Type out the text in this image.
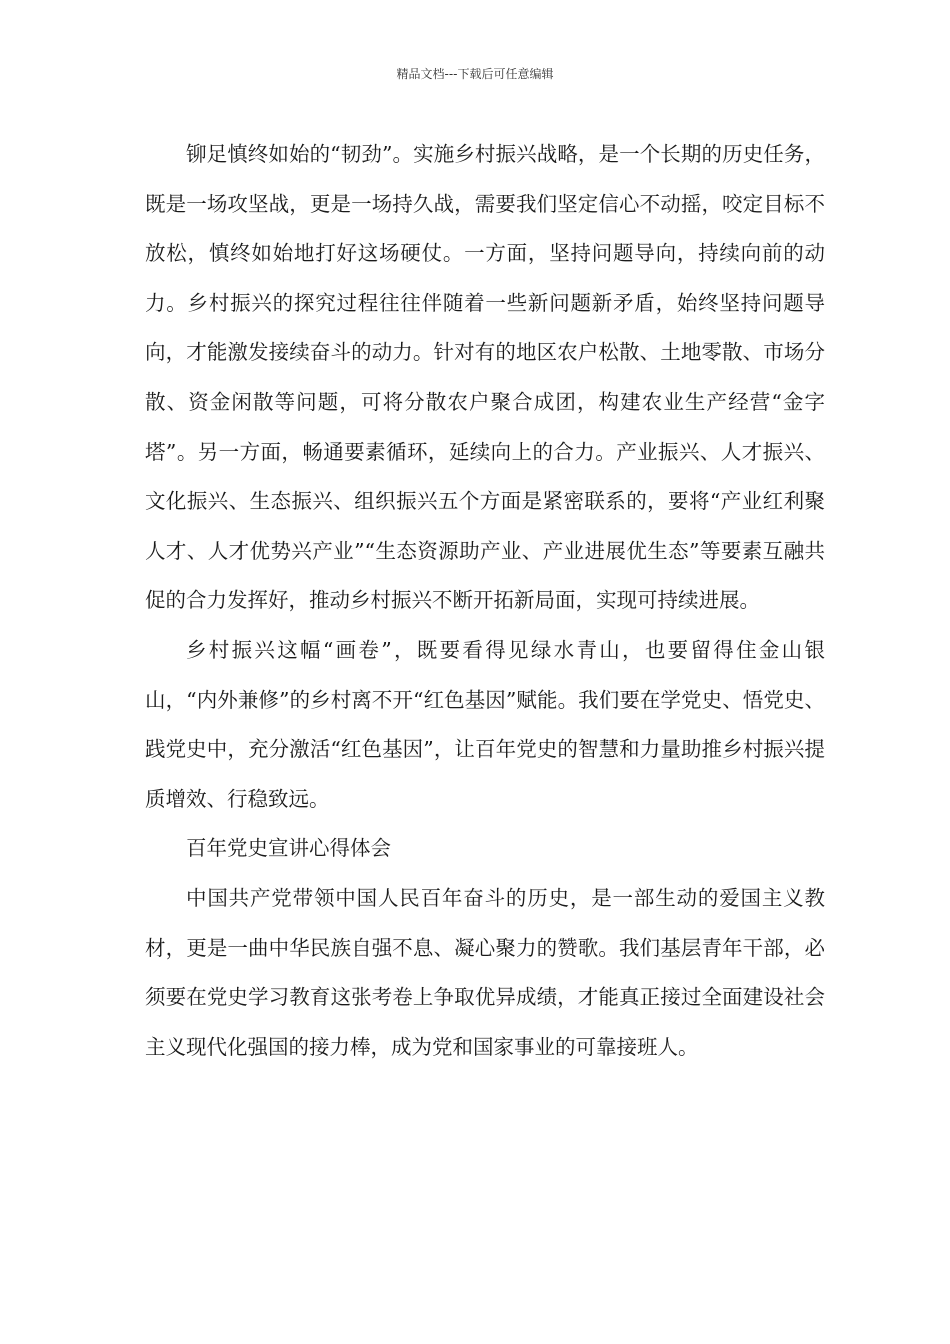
精品文档---下载后可任意编辑

铆足慎终如始的“韧劲”。实施乡村振兴战略，是一个长期的历史任务，既是一场攻坚战，更是一场持久战，需要我们坚定信心不动摇，咬定目标不放松，慎终如始地打好这场硬仗。一方面，坚持问题导向，持续向前的动力。乡村振兴的探究过程往往伴随着一些新问题新矛盾，始终坚持问题导向，才能激发接续奋斗的动力。针对有的地区农户松散、土地零散、市场分散、资金闲散等问题，可将分散农户聚合成团，构建农业生产经营“金字塔”。另一方面，畅通要素循环，延续向上的合力。产业振兴、人才振兴、文化振兴、生态振兴、组织振兴五个方面是紧密联系的，要将“产业红利聚人才、人才优势兴产业”“生态资源助产业、产业进展优生态”等要素互融共促的合力发挥好，推动乡村振兴不断开拓新局面，实现可持续进展。

乡村振兴这幅“画卷”，既要看得见绿水青山，也要留得住金山银山，“内外兼修”的乡村离不开“红色基因”赋能。我们要在学党史、悟党史、践党史中，充分激活“红色基因”，让百年党史的智慧和力量助推乡村振兴提质增效、行稳致远。

百年党史宣讲心得体会

中国共产党带领中国人民百年奋斗的历史，是一部生动的爱国主义教材，更是一曲中华民族自强不息、凝心聚力的赞歌。我们基层青年干部，必须要在党史学习教育这张考卷上争取优异成绩，才能真正接过全面建设社会主义现代化强国的接力棒，成为党和国家事业的可靠接班人。
